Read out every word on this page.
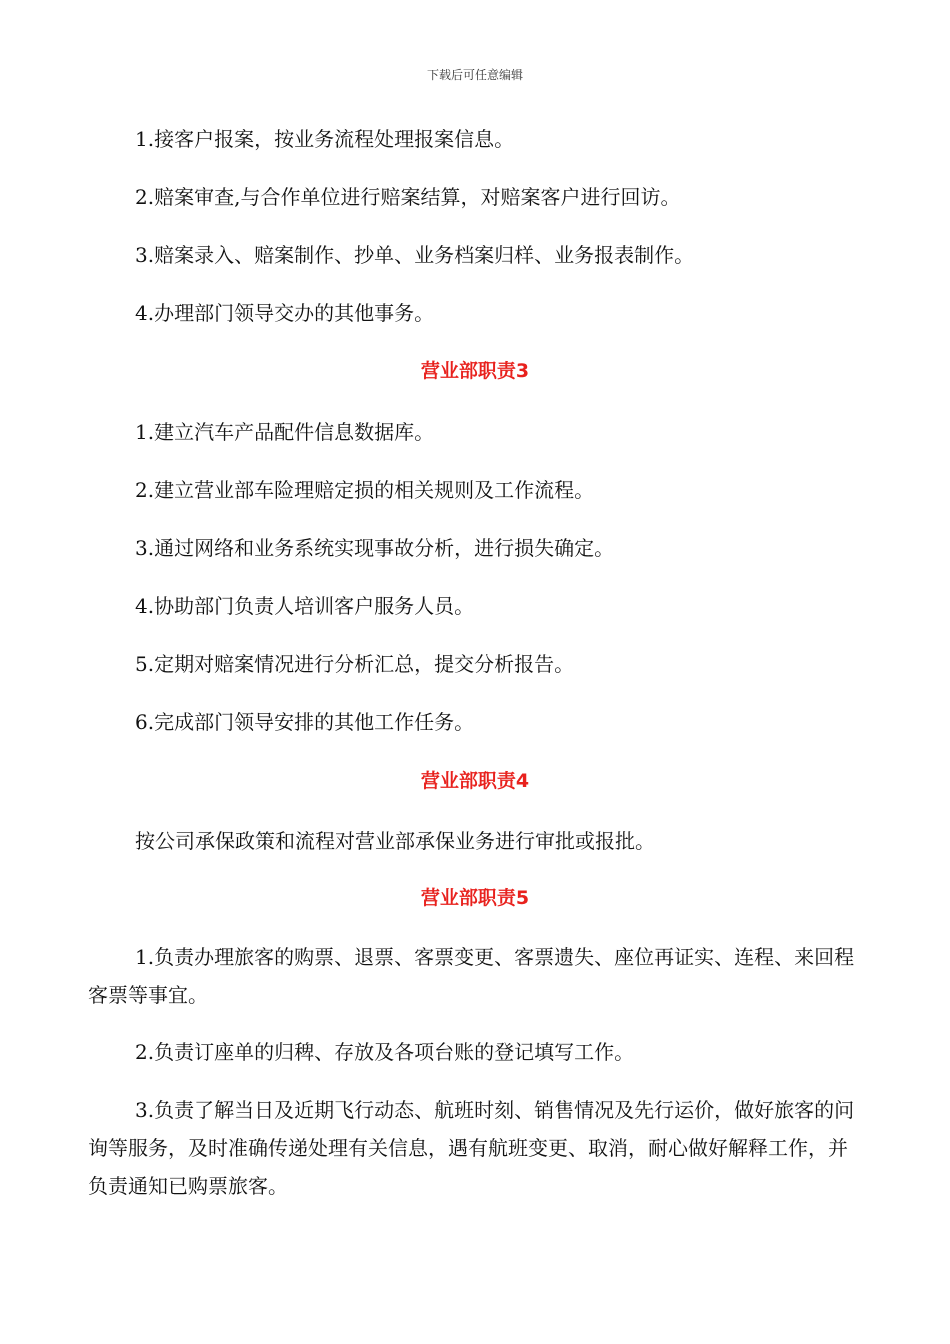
下载后可任意编辑

1.接客户报案，按业务流程处理报案信息。

2.赔案审查,与合作单位进行赔案结算，对赔案客户进行回访。

3.赔案录入、赔案制作、抄单、业务档案归样、业务报表制作。

4.办理部门领导交办的其他事务。

营业部职责3

1.建立汽车产品配件信息数据库。

2.建立营业部车险理赔定损的相关规则及工作流程。

3.通过网络和业务系统实现事故分析，进行损失确定。

4.协助部门负责人培训客户服务人员。

5.定期对赔案情况进行分析汇总，提交分析报告。

6.完成部门领导安排的其他工作任务。

营业部职责4

按公司承保政策和流程对营业部承保业务进行审批或报批。

营业部职责5

1.负责办理旅客的购票、退票、客票变更、客票遗失、座位再证实、连程、来回程客票等事宜。

2.负责订座单的归稗、存放及各项台账的登记填写工作。

3.负责了解当日及近期飞行动态、航班时刻、销售情况及先行运价，做好旅客的问询等服务，及时准确传递处理有关信息，遇有航班变更、取消，耐心做好解释工作，并负责通知已购票旅客。
